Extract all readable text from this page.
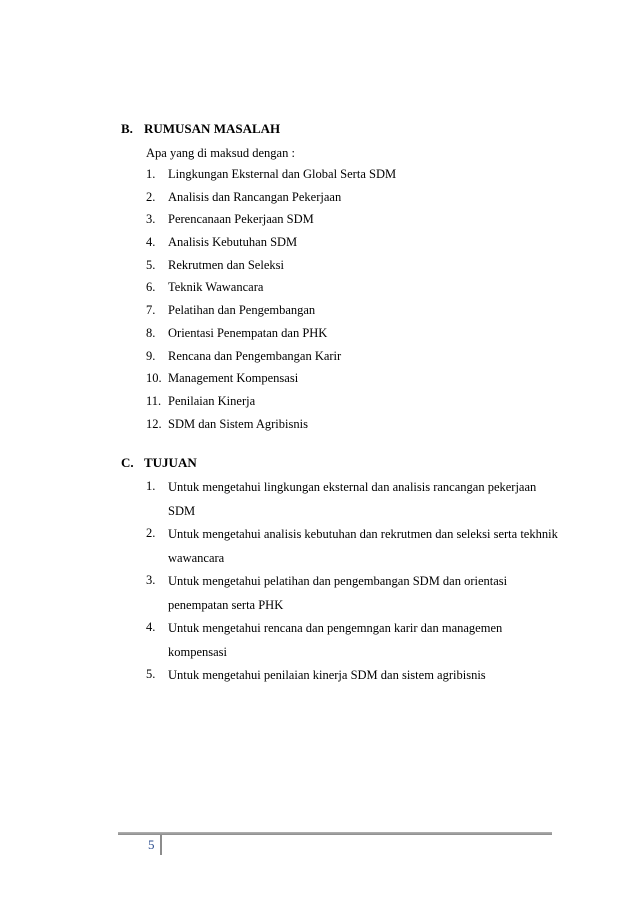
B. RUMUSAN MASALAH
Apa yang di maksud dengan :
1. Lingkungan Eksternal dan Global Serta SDM
2. Analisis dan Rancangan Pekerjaan
3. Perencanaan Pekerjaan SDM
4. Analisis Kebutuhan SDM
5. Rekrutmen dan Seleksi
6. Teknik Wawancara
7. Pelatihan dan Pengembangan
8. Orientasi Penempatan dan PHK
9. Rencana dan Pengembangan Karir
10. Management Kompensasi
11. Penilaian Kinerja
12. SDM dan Sistem Agribisnis
C. TUJUAN
1. Untuk mengetahui lingkungan eksternal dan analisis rancangan pekerjaan SDM
2. Untuk mengetahui analisis kebutuhan dan rekrutmen dan seleksi serta tekhnik wawancara
3. Untuk mengetahui pelatihan dan pengembangan SDM dan orientasi penempatan serta PHK
4. Untuk mengetahui rencana dan pengemngan karir dan managemen kompensasi
5. Untuk mengetahui penilaian kinerja SDM dan sistem agribisnis
5
